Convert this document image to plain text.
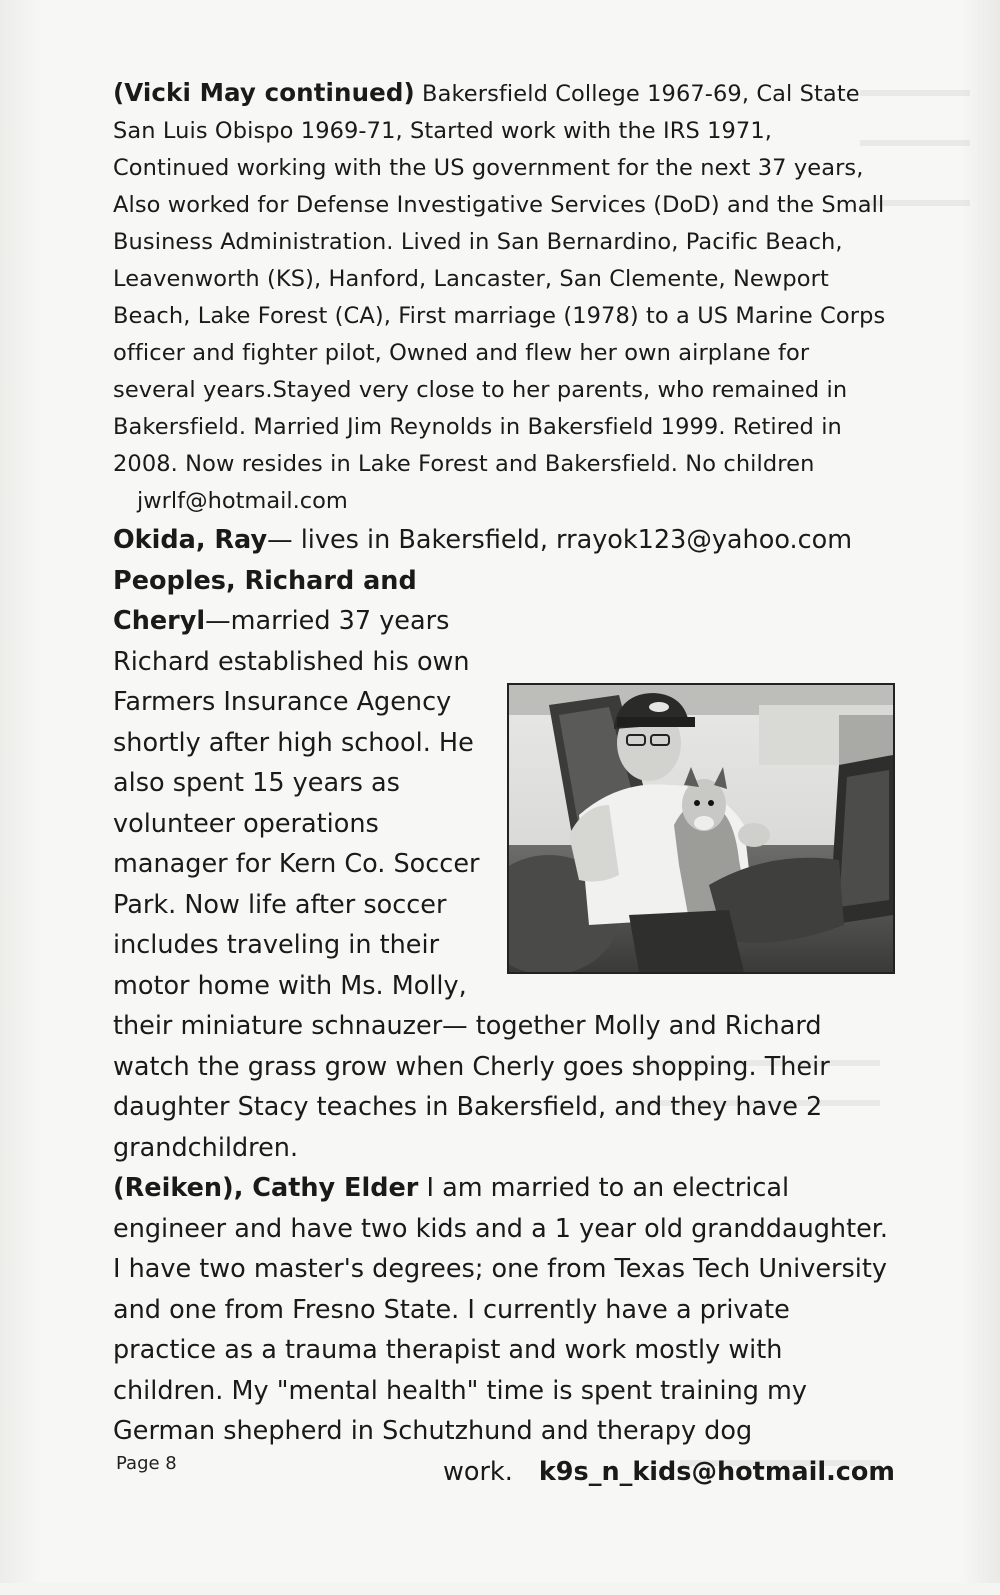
(Vicki May continued) Bakersfield College 1967-69, Cal State San Luis Obispo 1969-71, Started work with the IRS 1971, Continued working with the US government for the next 37 years, Also worked for Defense Investigative Services (DoD) and the Small Business Administration. Lived in San Bernardino, Pacific Beach, Leavenworth (KS), Hanford, Lancaster, San Clemente, Newport Beach, Lake Forest (CA), First marriage (1978) to a US Marine Corps officer and fighter pilot, Owned and flew her own airplane for several years.Stayed very close to her parents, who remained in Bakersfield. Married Jim Reynolds in Bakersfield 1999. Retired in 2008. Now resides in Lake Forest and Bakersfield. No children

jwrlf@hotmail.com

Okida, Ray— lives in Bakersfield, rrayok123@yahoo.com

Peoples, Richard and Cheryl—married 37 years Richard established his own Farmers Insurance Agency shortly after high school. He also spent 15 years as volunteer operations manager for Kern Co. Soccer Park. Now life after soccer includes traveling in their motor home with Ms. Molly, their miniature schnauzer— together Molly and Richard watch the grass grow when Cherly goes shopping. Their daughter Stacy teaches in Bakersfield, and they have 2 grandchildren.

(Reiken), Cathy Elder I am married to an electrical engineer and have two kids and a 1 year old granddaughter. I have two master's degrees; one from Texas Tech University and one from Fresno State. I currently have a private practice as a trauma therapist and work mostly with children. My "mental health" time is spent training my German shepherd in Schutzhund and therapy dog

work. k9s_n_kids@hotmail.com

Page 8
